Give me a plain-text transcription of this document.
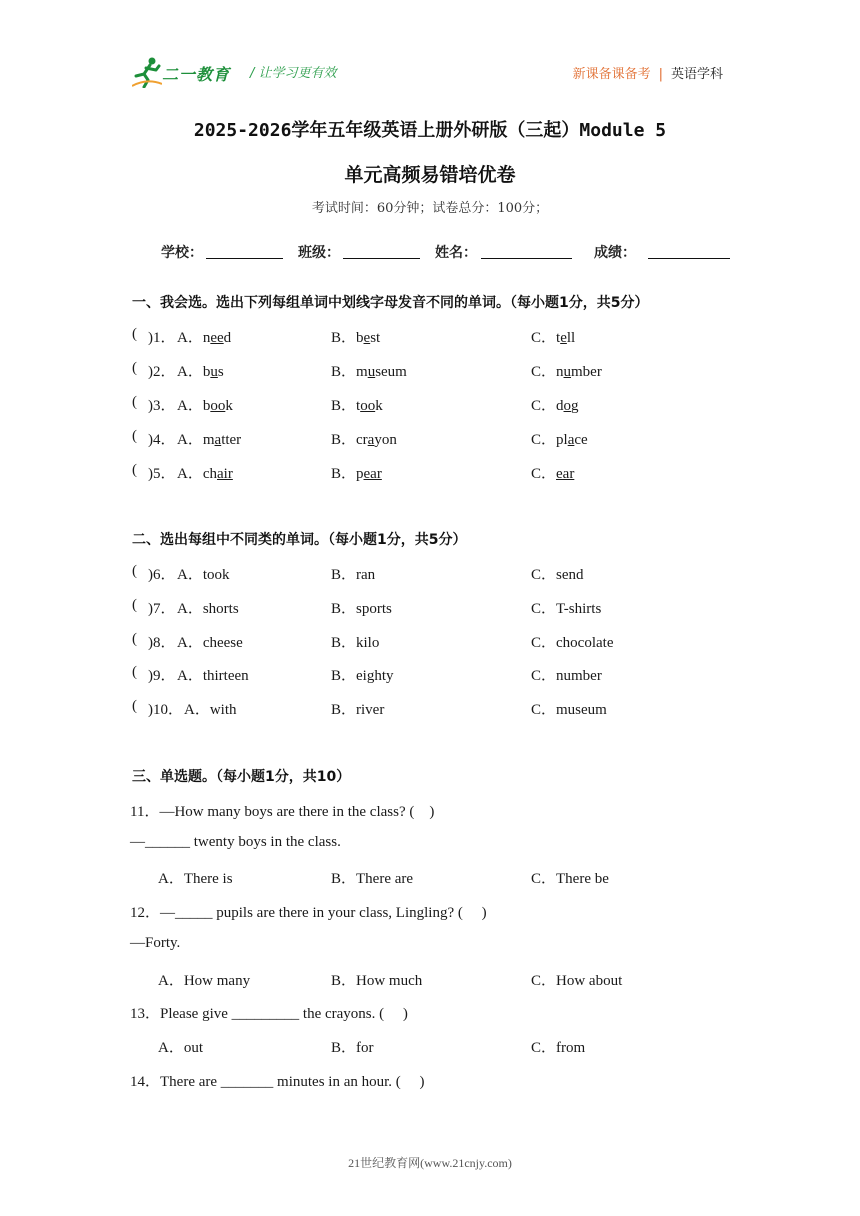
二一教育 / 让学习更有效	新课备课备考 | 英语学科
2025-2026学年五年级英语上册外研版（三起）Module 5
单元高频易错培优卷
考试时间：60分钟；试卷总分：100分；
学校：	班级：	姓名：	成绩：
一、我会选。选出下列每组单词中划线字母发音不同的单词。（每小题1分，共5分）
( )1． A．need	B．best	C．tell
( )2． A．bus	B．museum	C．number
( )3． A．book	B．took	C．dog
( )4． A．matter	B．crayon	C．place
( )5． A．chair	B．pear	C．ear
二、选出每组中不同类的单词。（每小题1分，共5分）
( )6． A．took	B．ran	C．send
( )7． A．shorts	B．sports	C．T-shirts
( )8． A．cheese	B．kilo	C．chocolate
( )9． A．thirteen	B．eighty	C．number
( )10． A．with	B．river	C．museum
三、单选题。（每小题1分，共10）
11．—How many boys are there in the class? (　)
—______ twenty boys in the class.
A．There is	B．There are	C．There be
12．—_____ pupils are there in your class, Lingling? (　 )
—Forty.
A．How many	B．How much	C．How about
13．Please give _________ the crayons. (　 )
A．out	B．for	C．from
14．There are _______ minutes in an hour. (　 )
21世纪教育网(www.21cnjy.com)
